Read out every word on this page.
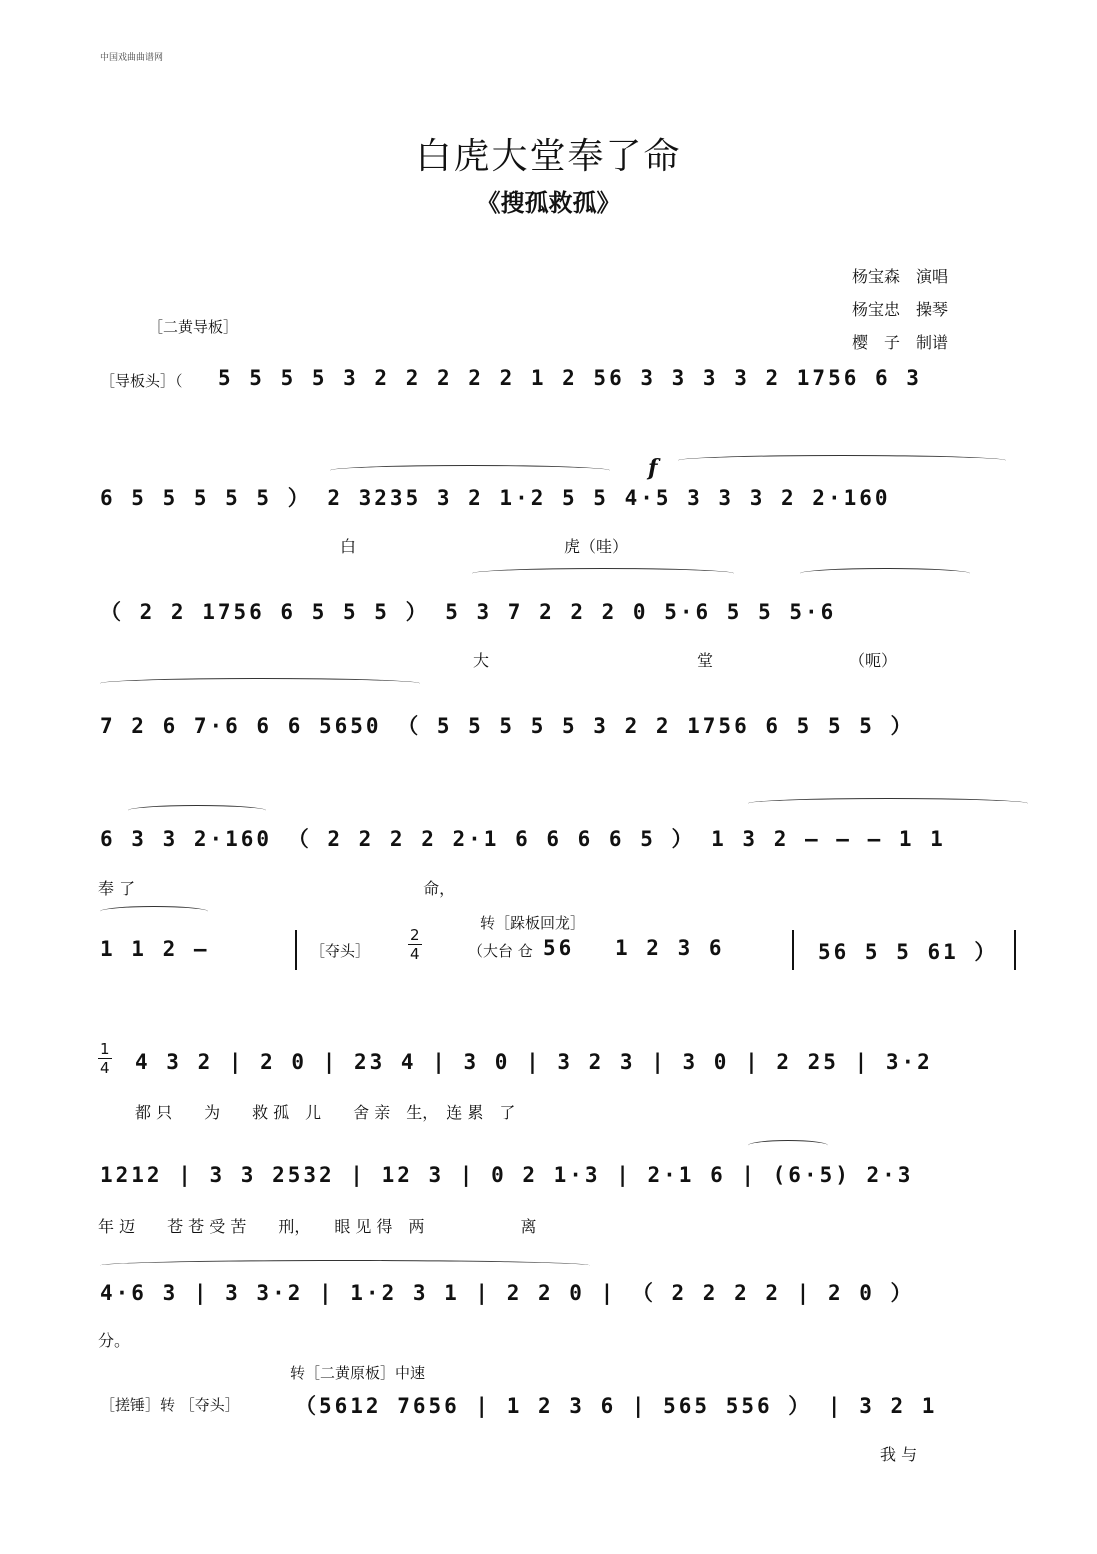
中国戏曲曲谱网
白虎大堂奉了命
《搜孤救孤》
杨宝森 演唱
杨宝忠 操琴
樱　子 制谱
［二黄导板］
［导板头］（ 5 5 5 5 3 2 2 2 2 2 1 2 56 3 3 3 3 2 1756 6 3
f
6 5 5 5 5 5 ） 2 3235 3 2 1·2 5 5 4·5 3 3 3 2 2·160
白　　　　　　　　　　　　　虎（哇）
（ 2 2 1756 6 5 5 5 ） 5 3 7 2 2 2 0 5·6 5 5 5·6
大　　　　　　　　　　　　　堂　　　　　　　　　（呃）
7 2 6 7·6 6 6 5650 （ 5 5 5 5 5 3 2 2 1756 6 5 5 5 ）
6 3 3 2·160 （ 2 2 2 2 2·1 6 6 6 6 5 ） 1 3 2 — — — 1 1
奉 了　　　　　　　　　　　　　　　　　　命，
1 1 2 —	［夺头］
2
4
转［跺板回龙］
（大台 仓 56 1 2 3 6	56 5 5 61 ）
1
4 4 3 2 | 2 0 | 23 4 | 3 0 | 3 2 3 | 3 0 | 2 25 | 3·2
都 只　　为　　救 孤　儿　　舍 亲　生，　连 累　了
1212 | 3 3 2532 | 12 3 | 0 2 1·3 | 2·1 6 | (6·5) 2·3
年 迈　　苍 苍 受 苦　　刑，　　眼 见 得　两　　　　　　离
4·6 3 | 3 3·2 | 1·2 3 1 | 2 2 0 | （ 2 2 2 2 | 2 0 ）
分。
转［二黄原板］中速
［搓锤］转 ［夺头］	（5612 7656 | 1 2 3 6 | 565 556 ） | 3 2 1
我 与
